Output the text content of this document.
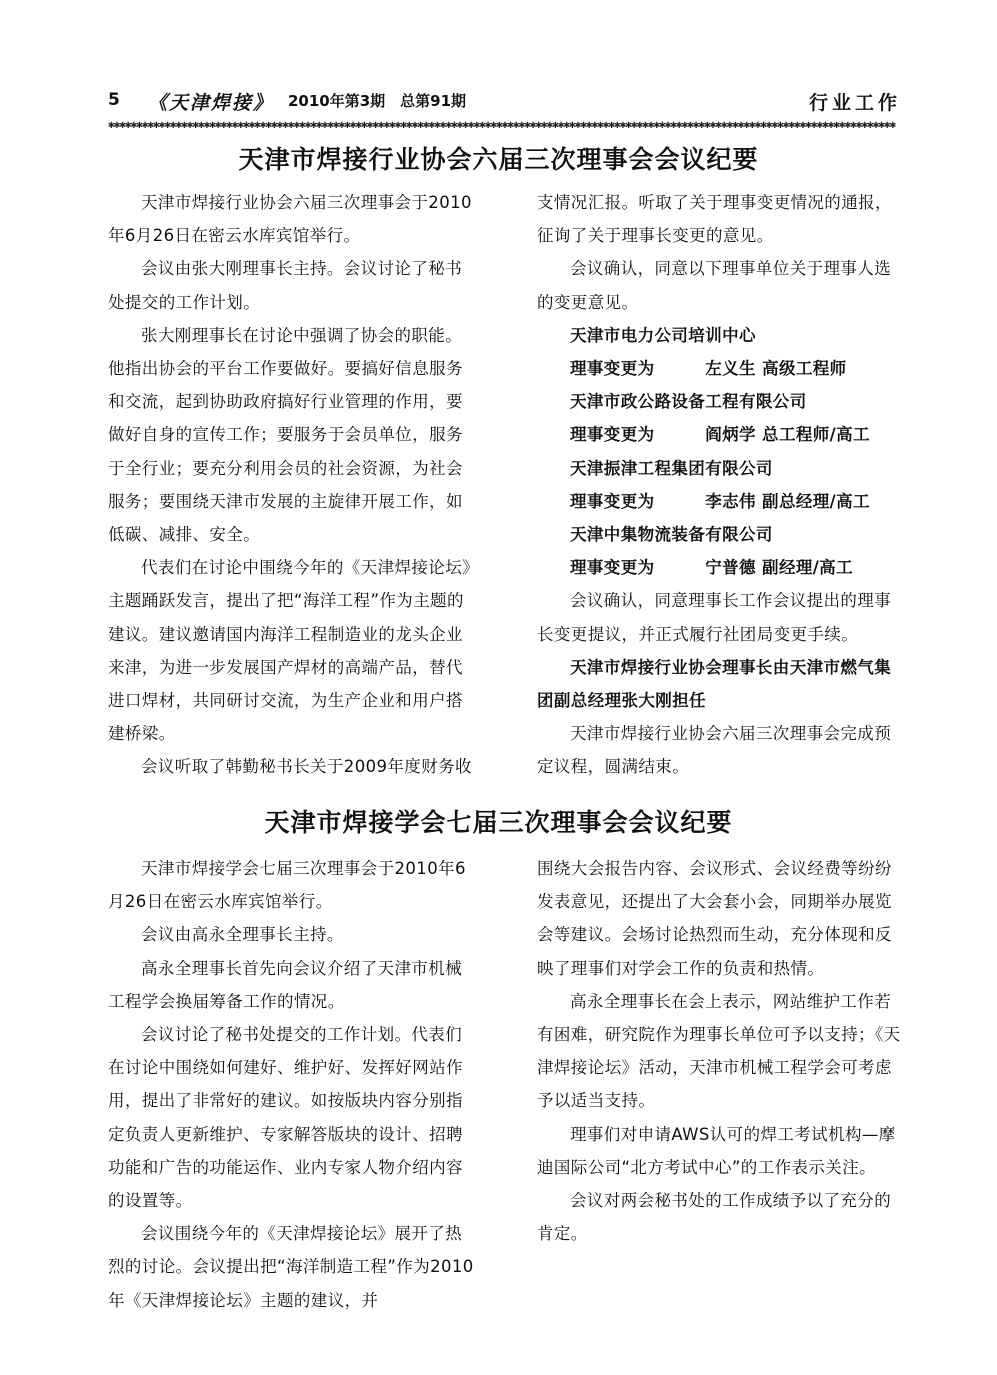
5 《天津焊接》 2010年第3期　总第91期	行业工作
✱✱✱✱✱✱✱✱✱✱✱✱✱✱✱✱✱✱✱✱✱✱✱✱✱✱✱✱✱✱✱✱✱✱✱✱✱✱✱✱✱✱✱✱✱✱✱✱✱✱✱✱✱✱✱✱✱✱✱✱✱✱✱✱✱✱✱✱✱✱✱✱✱✱✱✱✱✱✱✱✱✱✱✱✱✱✱✱✱✱✱✱✱✱✱✱✱✱✱✱✱✱✱✱✱✱✱✱✱✱✱✱✱✱✱✱✱✱✱✱✱✱✱✱✱✱✱✱✱✱✱✱✱✱✱✱✱✱✱✱
天津市焊接行业协会六届三次理事会会议纪要

天津市焊接行业协会六届三次理事会于2010年6月26日在密云水库宾馆举行。

会议由张大刚理事长主持。会议讨论了秘书处提交的工作计划。

张大刚理事长在讨论中强调了协会的职能。他指出协会的平台工作要做好。要搞好信息服务和交流，起到协助政府搞好行业管理的作用，要做好自身的宣传工作；要服务于会员单位，服务于全行业；要充分利用会员的社会资源，为社会服务；要围绕天津市发展的主旋律开展工作，如低碳、减排、安全。

代表们在讨论中围绕今年的《天津焊接论坛》主题踊跃发言，提出了把“海洋工程”作为主题的建议。建议邀请国内海洋工程制造业的龙头企业来津，为进一步发展国产焊材的高端产品，替代进口焊材，共同研讨交流，为生产企业和用户搭建桥梁。

会议听取了韩勤秘书长关于2009年度财务收

支情况汇报。听取了关于理事变更情况的通报，征询了关于理事长变更的意见。

会议确认，同意以下理事单位关于理事人选的变更意见。

天津市电力公司培训中心

理事变更为　　　左义生 高级工程师

天津市政公路设备工程有限公司

理事变更为　　　阎炳学 总工程师/高工

天津振津工程集团有限公司

理事变更为　　　李志伟 副总经理/高工

天津中集物流装备有限公司

理事变更为　　　宁普德 副经理/高工

会议确认，同意理事长工作会议提出的理事长变更提议，并正式履行社团局变更手续。

天津市焊接行业协会理事长由天津市燃气集团副总经理张大刚担任

天津市焊接行业协会六届三次理事会完成预定议程，圆满结束。

天津市焊接学会七届三次理事会会议纪要

天津市焊接学会七届三次理事会于2010年6月26日在密云水库宾馆举行。

会议由高永全理事长主持。

高永全理事长首先向会议介绍了天津市机械工程学会换届筹备工作的情况。

会议讨论了秘书处提交的工作计划。代表们在讨论中围绕如何建好、维护好、发挥好网站作用，提出了非常好的建议。如按版块内容分别指定负责人更新维护、专家解答版块的设计、招聘功能和广告的功能运作、业内专家人物介绍内容的设置等。

会议围绕今年的《天津焊接论坛》展开了热烈的讨论。会议提出把“海洋制造工程”作为2010年《天津焊接论坛》主题的建议，并

围绕大会报告内容、会议形式、会议经费等纷纷发表意见，还提出了大会套小会，同期举办展览会等建议。会场讨论热烈而生动，充分体现和反映了理事们对学会工作的负责和热情。

高永全理事长在会上表示，网站维护工作若有困难，研究院作为理事长单位可予以支持；《天津焊接论坛》活动，天津市机械工程学会可考虑予以适当支持。

理事们对申请AWS认可的焊工考试机构—摩迪国际公司“北方考试中心”的工作表示关注。

会议对两会秘书处的工作成绩予以了充分的肯定。
